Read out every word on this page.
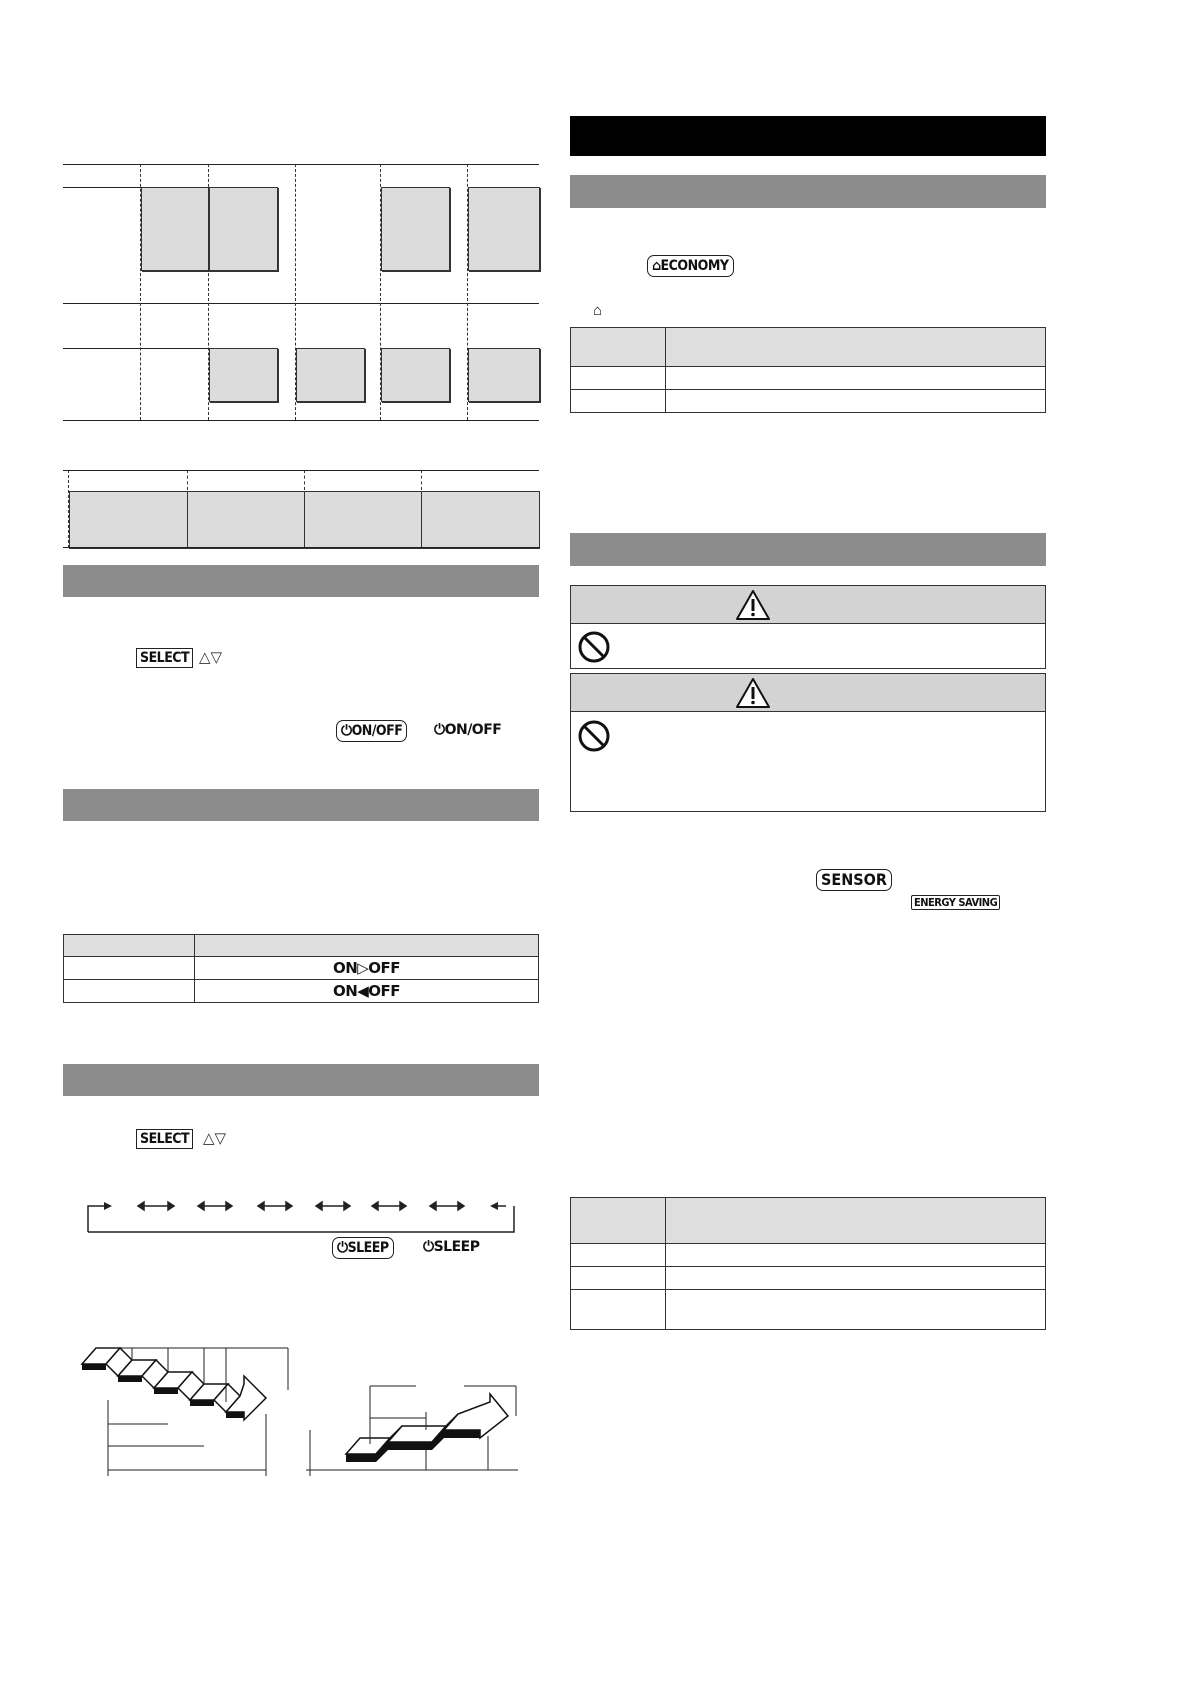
SELECT △▽
⏻ON/OFF	⏻ON/OFF

	ON▷OFF
	ON◀OFF
SELECT △▽
⏻SLEEP	⏻SLEEP
⌂ECONOMY
⌂

SENSOR
ENERGY SAVING
